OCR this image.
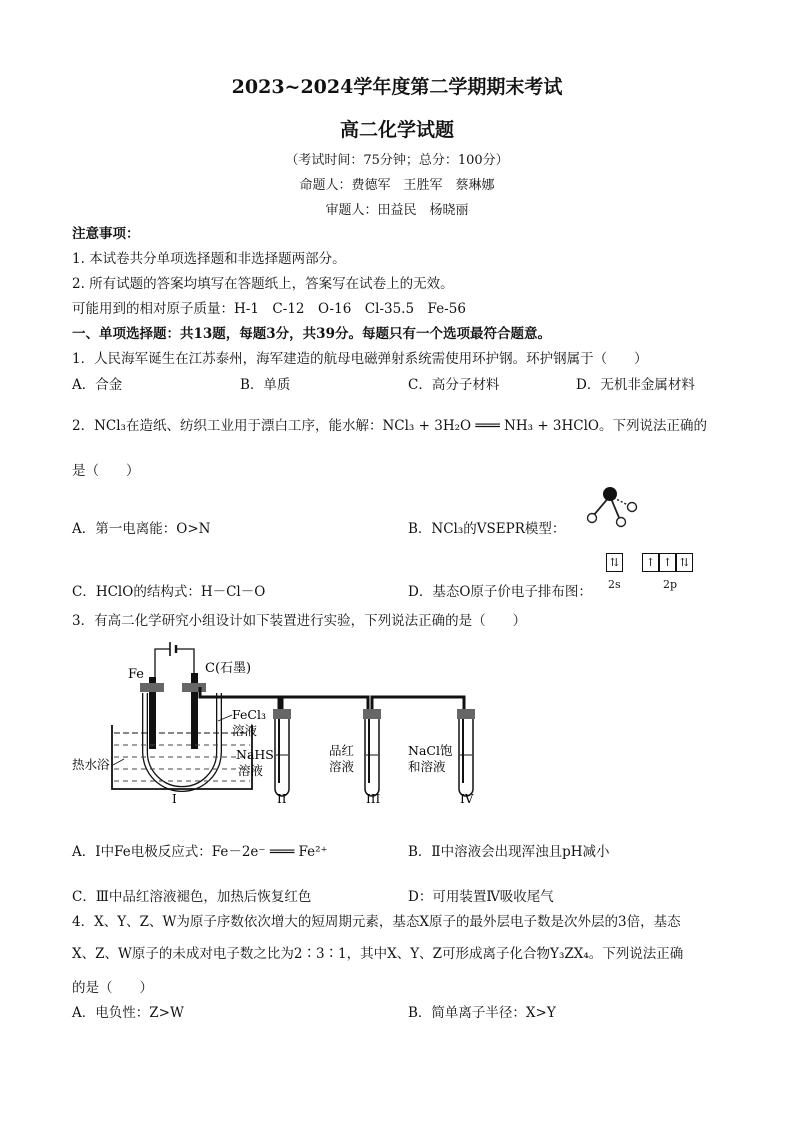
2023~2024学年度第二学期期末考试
高二化学试题
（考试时间：75分钟；总分：100分）
命题人：费德军　王胜军　蔡琳娜
审题人：田益民　杨晓丽
注意事项：
1. 本试卷共分单项选择题和非选择题两部分。
2. 所有试题的答案均填写在答题纸上，答案写在试卷上的无效。
可能用到的相对原子质量：H-1　C-12　O-16　Cl-35.5　Fe-56
一、单项选择题：共13题，每题3分，共39分。每题只有一个选项最符合题意。
1．人民海军诞生在江苏泰州，海军建造的航母电磁弹射系统需使用环护钢。环护钢属于（　　）
A．合金	B．单质	C．高分子材料	D．无机非金属材料
2．NCl₃在造纸、纺织工业用于漂白工序，能水解：NCl₃ + 3H₂O ═══ NH₃ + 3HClO。下列说法正确的
是（　　）
A．第一电离能：O>N	B．NCl₃的VSEPR模型：
C．HClO的结构式：H－Cl－O	D．基态O原子价电子排布图：
⇅	↑ ↑ ⇅
2s	2p
3．有高二化学研究小组设计如下装置进行实验，下列说法正确的是（　　）
Fe	C(石墨)
FeCl₃
溶液
NaHS
溶液
品红
溶液
NaCl饱
和溶液
热水浴
I	II	III	IV
A．Ⅰ中Fe电极反应式：Fe－2e⁻ ═══ Fe²⁺	B．Ⅱ中溶液会出现浑浊且pH减小
C．Ⅲ中品红溶液褪色，加热后恢复红色	D：可用装置Ⅳ吸收尾气
4．X、Y、Z、W为原子序数依次增大的短周期元素，基态X原子的最外层电子数是次外层的3倍，基态
X、Z、W原子的未成对电子数之比为2∶3∶1，其中X、Y、Z可形成离子化合物Y₃ZX₄。下列说法正确
的是（　　）
A．电负性：Z>W	B．简单离子半径：X>Y
